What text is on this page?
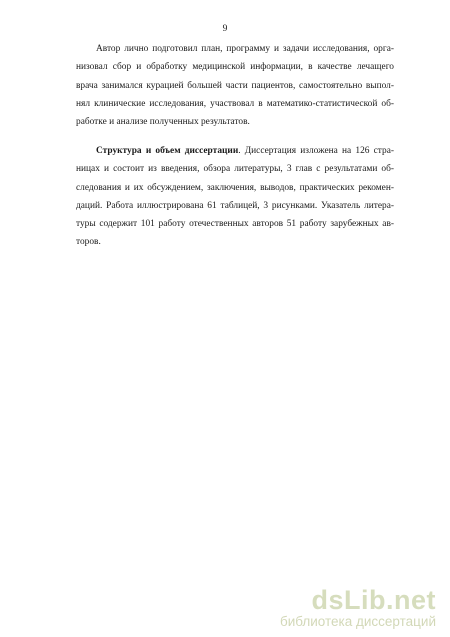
9
Автор лично подготовил план, программу и задачи исследования, орга-
низовал сбор и обработку медицинской информации, в качестве лечащего
врача занимался курацией большей части пациентов, самостоятельно выпол-
нял клинические исследования, участвовал в математико-статистической об-
работке и анализе полученных результатов.
Структура и объем диссертации. Диссертация изложена на 126 стра-
ницах и состоит из введения, обзора литературы, 3 глав с результатами об-
следования и их обсуждением, заключения, выводов, практических рекомен-
даций. Работа иллюстрирована 61 таблицей, 3 рисунками. Указатель литера-
туры содержит 101 работу отечественных авторов 51 работу зарубежных ав-
торов.
dsLib.net
библиотека диссертаций
